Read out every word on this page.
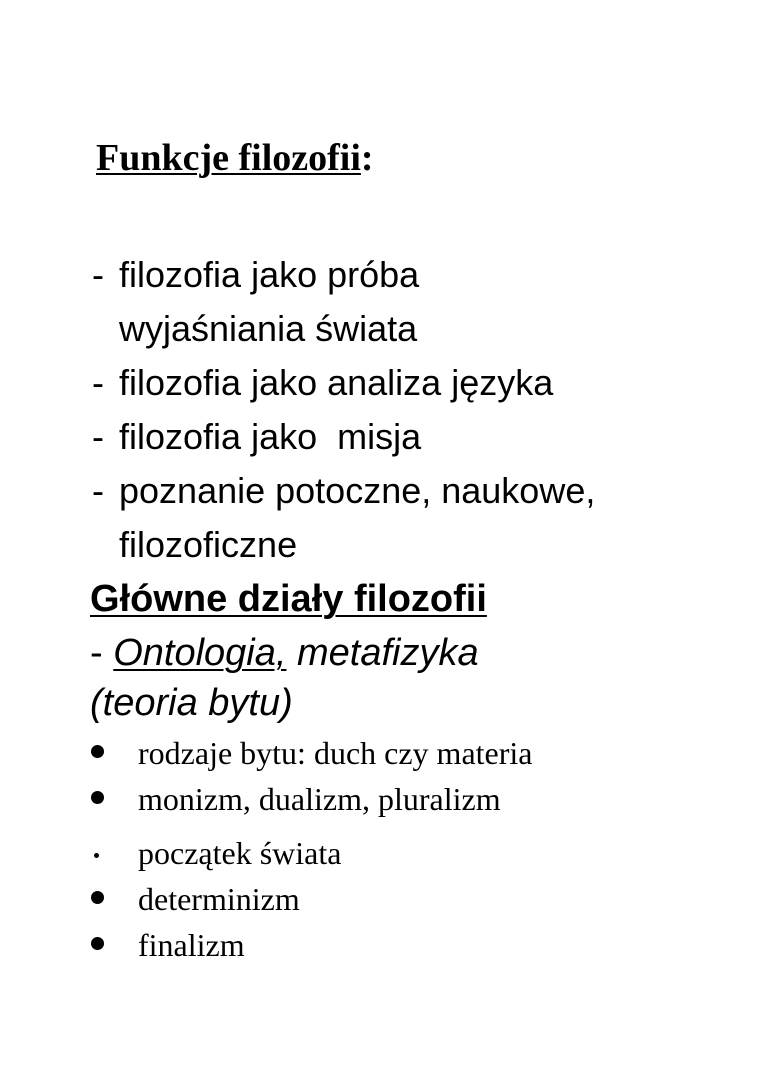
Funkcje filozofii:
- filozofia jako próba
wyjaśniania świata
- filozofia jako analiza języka
- filozofia jako  misja
- poznanie potoczne, naukowe,
filozoficzne
Główne działy filozofii
- Ontologia, metafizyka
(teoria bytu)
rodzaje bytu: duch czy materia
monizm, dualizm, pluralizm
początek świata
determinizm
finalizm
